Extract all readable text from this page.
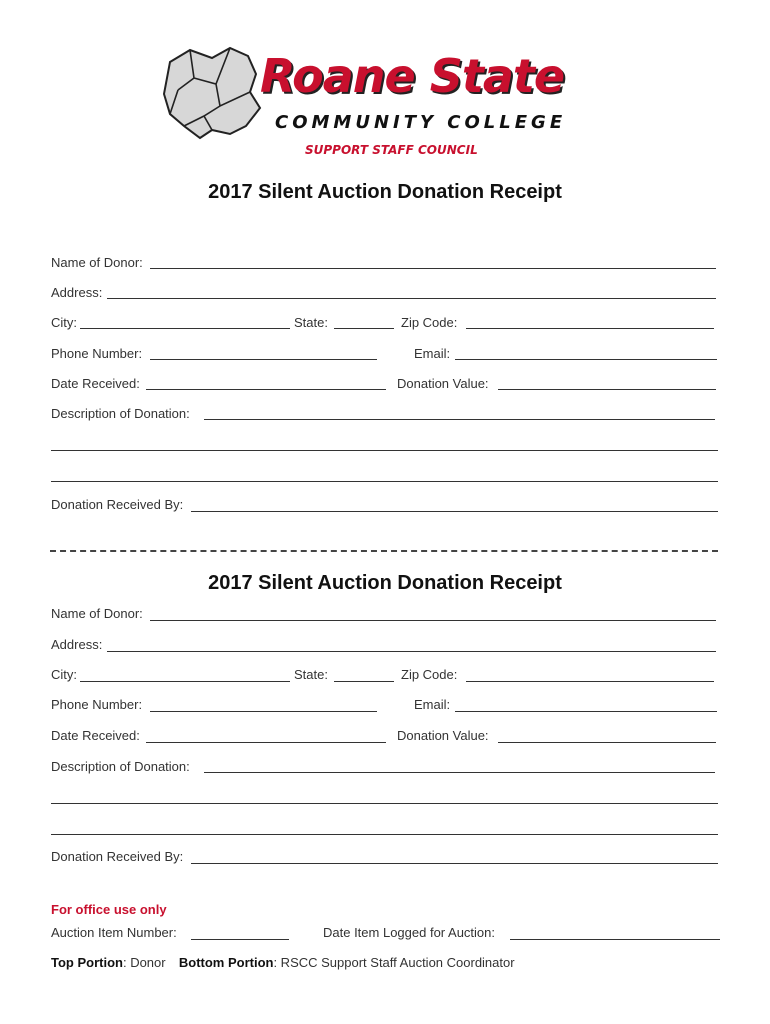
Roane State
COMMUNITY COLLEGE
SUPPORT STAFF COUNCIL
2017 Silent Auction Donation Receipt
Name of Donor:
Address:
City:	State:	Zip Code:
Phone Number:	Email:
Date Received:	Donation Value:
Description of Donation:
Donation Received By:
2017 Silent Auction Donation Receipt
Name of Donor:
Address:
City:	State:	Zip Code:
Phone Number:	Email:
Date Received:	Donation Value:
Description of Donation:
Donation Received By:
For office use only
Auction Item Number:	Date Item Logged for Auction:
Top Portion: Donor Bottom Portion: RSCC Support Staff Auction Coordinator
